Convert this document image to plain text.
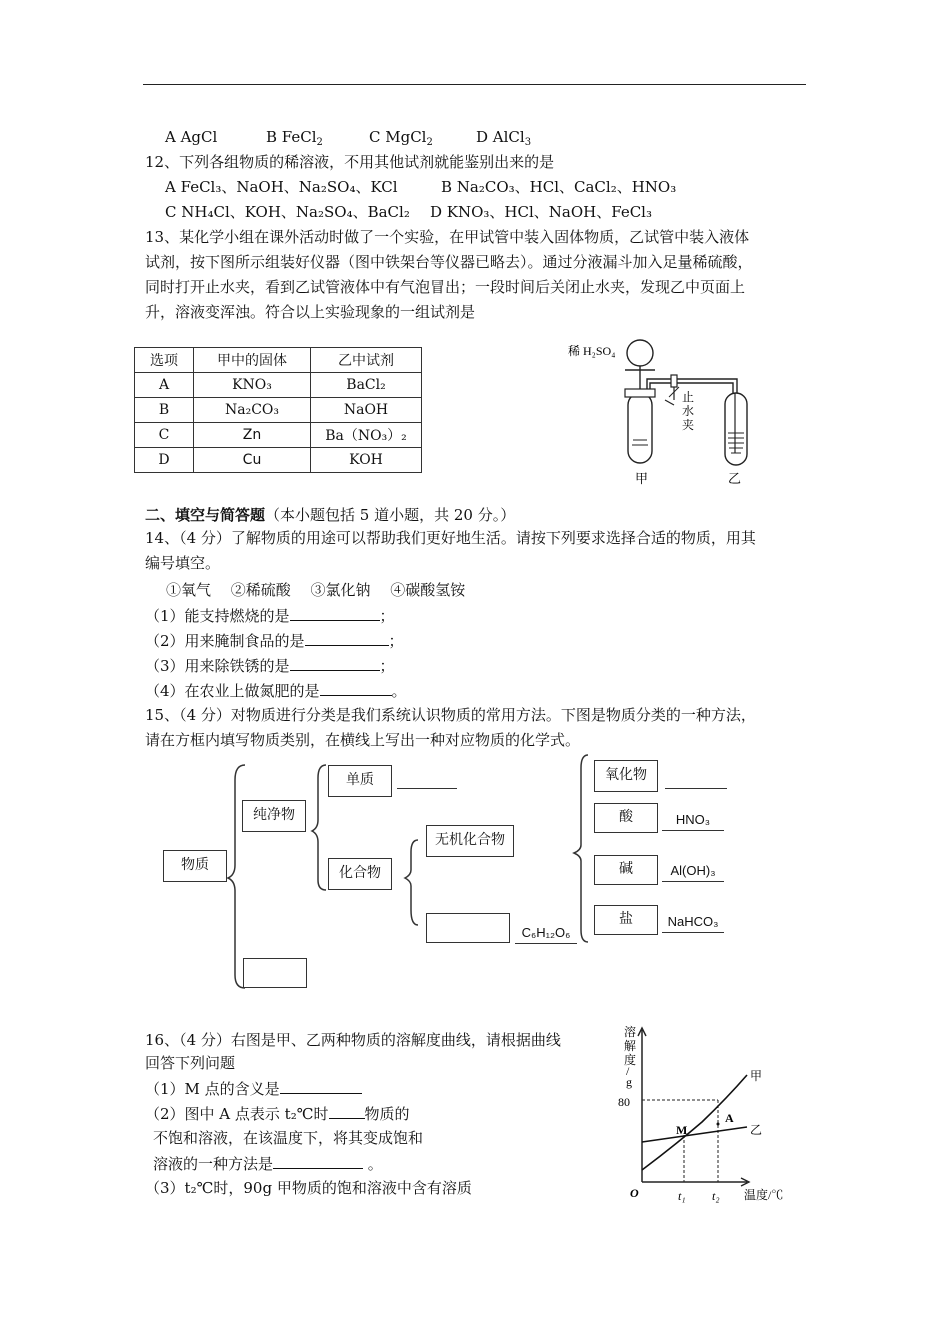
A AgCl	B FeCl$_2$	C MgCl$_2$	D AlCl$_3$
12、下列各组物质的稀溶液，不用其他试剂就能鉴别出来的是
A FeCl₃、NaOH、Na₂SO₄、KCl	B Na₂CO₃、HCl、CaCl₂、HNO₃
C NH₄Cl、KOH、Na₂SO₄、BaCl₂ D KNO₃、HCl、NaOH、FeCl₃
13、某化学小组在课外活动时做了一个实验，在甲试管中装入固体物质，乙试管中装入液体
试剂，按下图所示组装好仪器（图中铁架台等仪器已略去）。通过分液漏斗加入足量稀硫酸，
同时打开止水夹，看到乙试管液体中有气泡冒出；一段时间后关闭止水夹，发现乙中页面上
升，溶液变浑浊。符合以上实验现象的一组试剂是
选项	甲中的固体	乙中试剂
A	KNO₃	BaCl₂
B	Na₂CO₃	NaOH
C	Zn	Ba（NO₃）₂
D	Cu	KOH
稀 H₂SO₄
止
水
夹
甲	乙
二、填空与简答题（本小题包括 5 道小题，共 20 分。）
14、（4 分）了解物质的用途可以帮助我们更好地生活。请按下列要求选择合适的物质，用其
编号填空。
①氧气　 ②稀硫酸　 ③氯化钠　 ④碳酸氢铵
（1）能支持燃烧的是	；
（2）用来腌制食品的是	；
（3）用来除铁锈的是	；
（4）在农业上做氮肥的是	。
15、（4 分）对物质进行分类是我们系统认识物质的常用方法。下图是物质分类的一种方法，
请在方框内填写物质类别，在横线上写出一种对应物质的化学式。
物质
纯净物
单质
化合物
无机化合物
C₆H₁₂O₆
氧化物
酸	HNO₃
碱	Al(OH)₃
盐	NaHCO₃
16、（4 分）右图是甲、乙两种物质的溶解度曲线，请根据曲线
回答下列问题
（1）M 点的含义是
（2）图中 A 点表示 t₂℃时 物质的
不饱和溶液，在该温度下，将其变成饱和
溶液的一种方法是	。
（3）t₂℃时，90g 甲物质的饱和溶液中含有溶质
溶
解
度
/
g
80
O	t₁ t₂ 温度/℃
甲
乙
M
A
